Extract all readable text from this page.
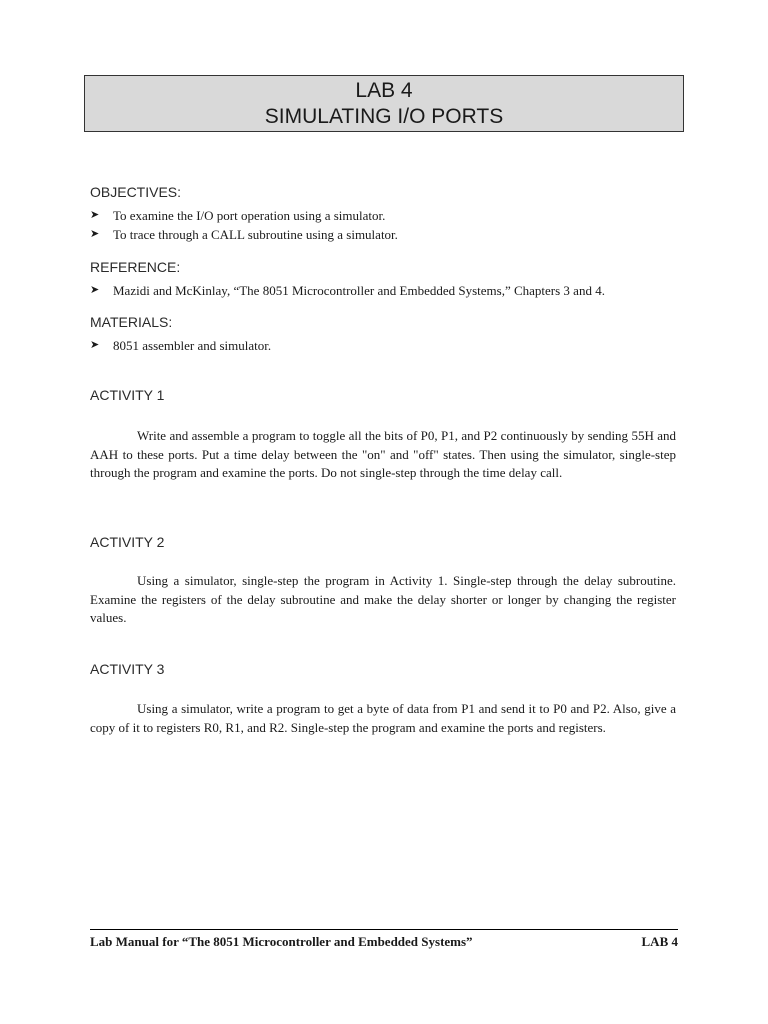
LAB 4
SIMULATING I/O PORTS
OBJECTIVES:
➤	To examine the I/O port operation using a simulator.
➤	To trace through a CALL subroutine using a simulator.
REFERENCE:
➤	Mazidi and McKinlay, “The 8051 Microcontroller and Embedded Systems,” Chapters 3 and 4.
MATERIALS:
➤	8051 assembler and simulator.
ACTIVITY 1

Write and assemble a program to toggle all the bits of P0, P1, and P2 continuously by sending 55H and AAH to these ports. Put a time delay between the "on" and "off" states. Then using the simulator, single-step through the program and examine the ports. Do not single-step through the time delay call.

ACTIVITY 2

Using a simulator, single-step the program in Activity 1. Single-step through the delay subroutine. Examine the registers of the delay subroutine and make the delay shorter or longer by changing the register values.

ACTIVITY 3

Using a simulator, write a program to get a byte of data from P1 and send it to P0 and P2. Also, give a copy of it to registers R0, R1, and R2. Single-step the program and examine the ports and registers.

Lab Manual for “The 8051 Microcontroller and Embedded Systems”	LAB 4
